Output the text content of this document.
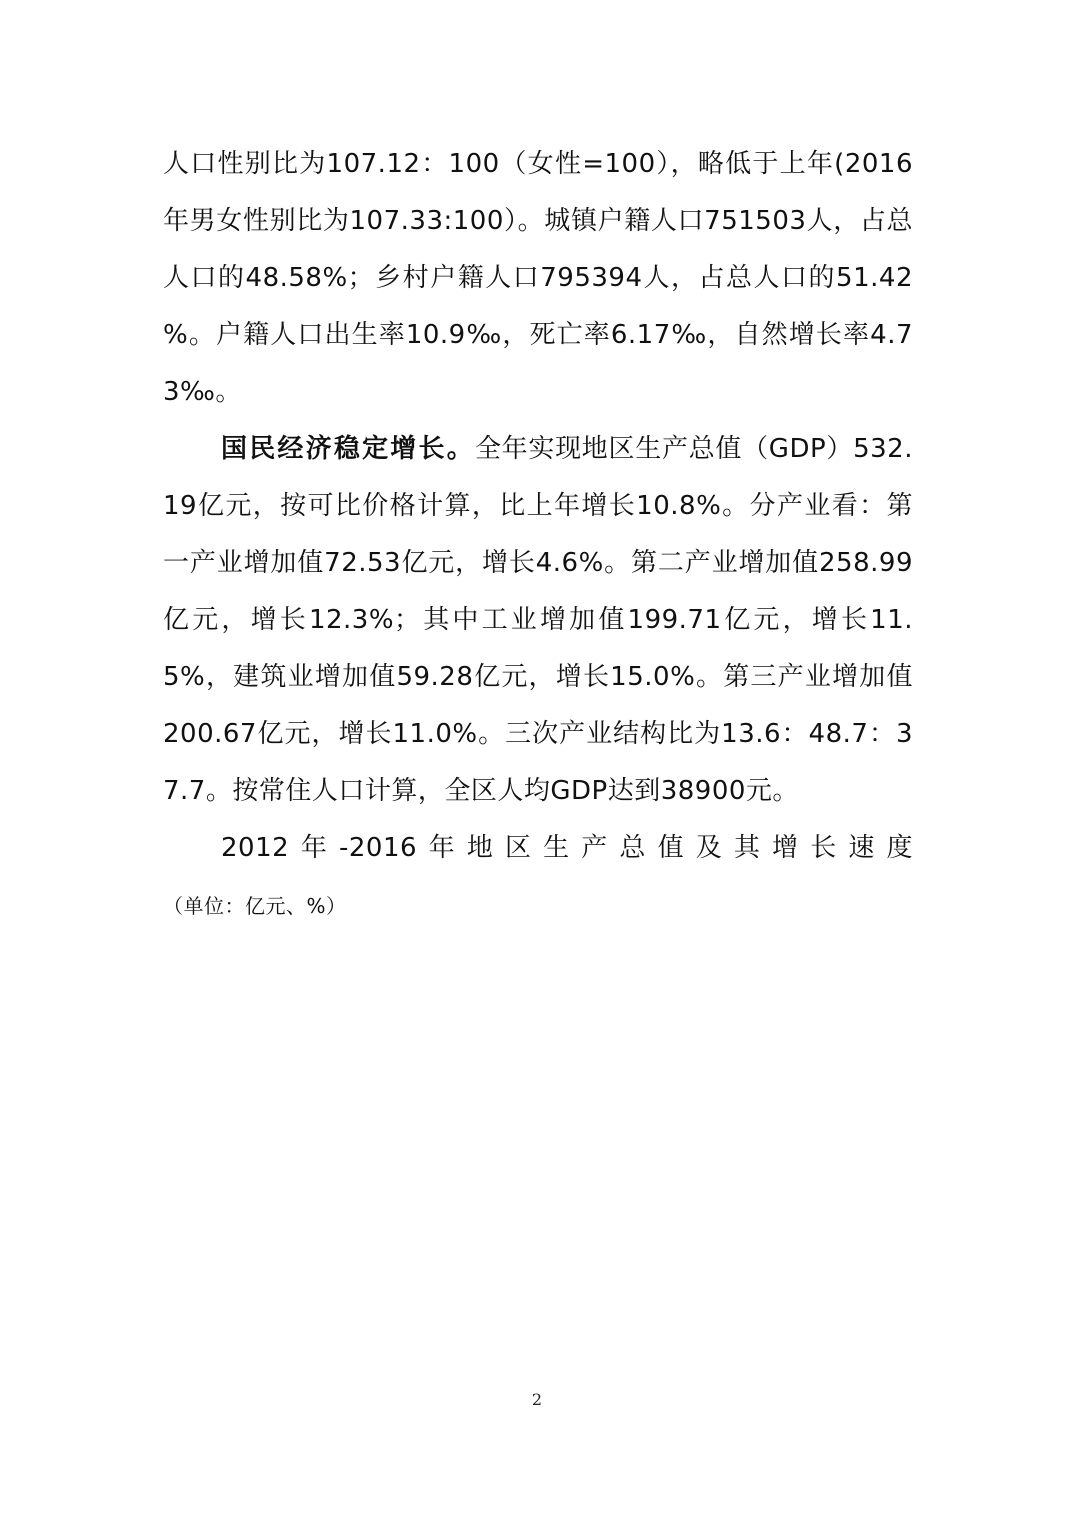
人口性别比为107.12：100（女性=100），略低于上年(2016年男女性别比为107.33:100）。城镇户籍人口751503人，占总人口的48.58%；乡村户籍人口795394人，占总人口的51.42 %。户籍人口出生率10.9‰，死亡率6.17‰，自然增长率4.73‰。

国民经济稳定增长。全年实现地区生产总值（GDP）532.19亿元，按可比价格计算，比上年增长10.8%。分产业看：第一产业增加值72.53亿元，增长4.6%。第二产业增加值258.99亿元，增长12.3%；其中工业增加值199.71亿元，增长11.5%，建筑业增加值59.28亿元，增长15.0%。第三产业增加值200.67亿元，增长11.0%。三次产业结构比为13.6：48.7：37.7。按常住人口计算，全区人均GDP达到38900元。

2012年-2016年地区生产总值及其增长速度（单位：亿元、%）

2
